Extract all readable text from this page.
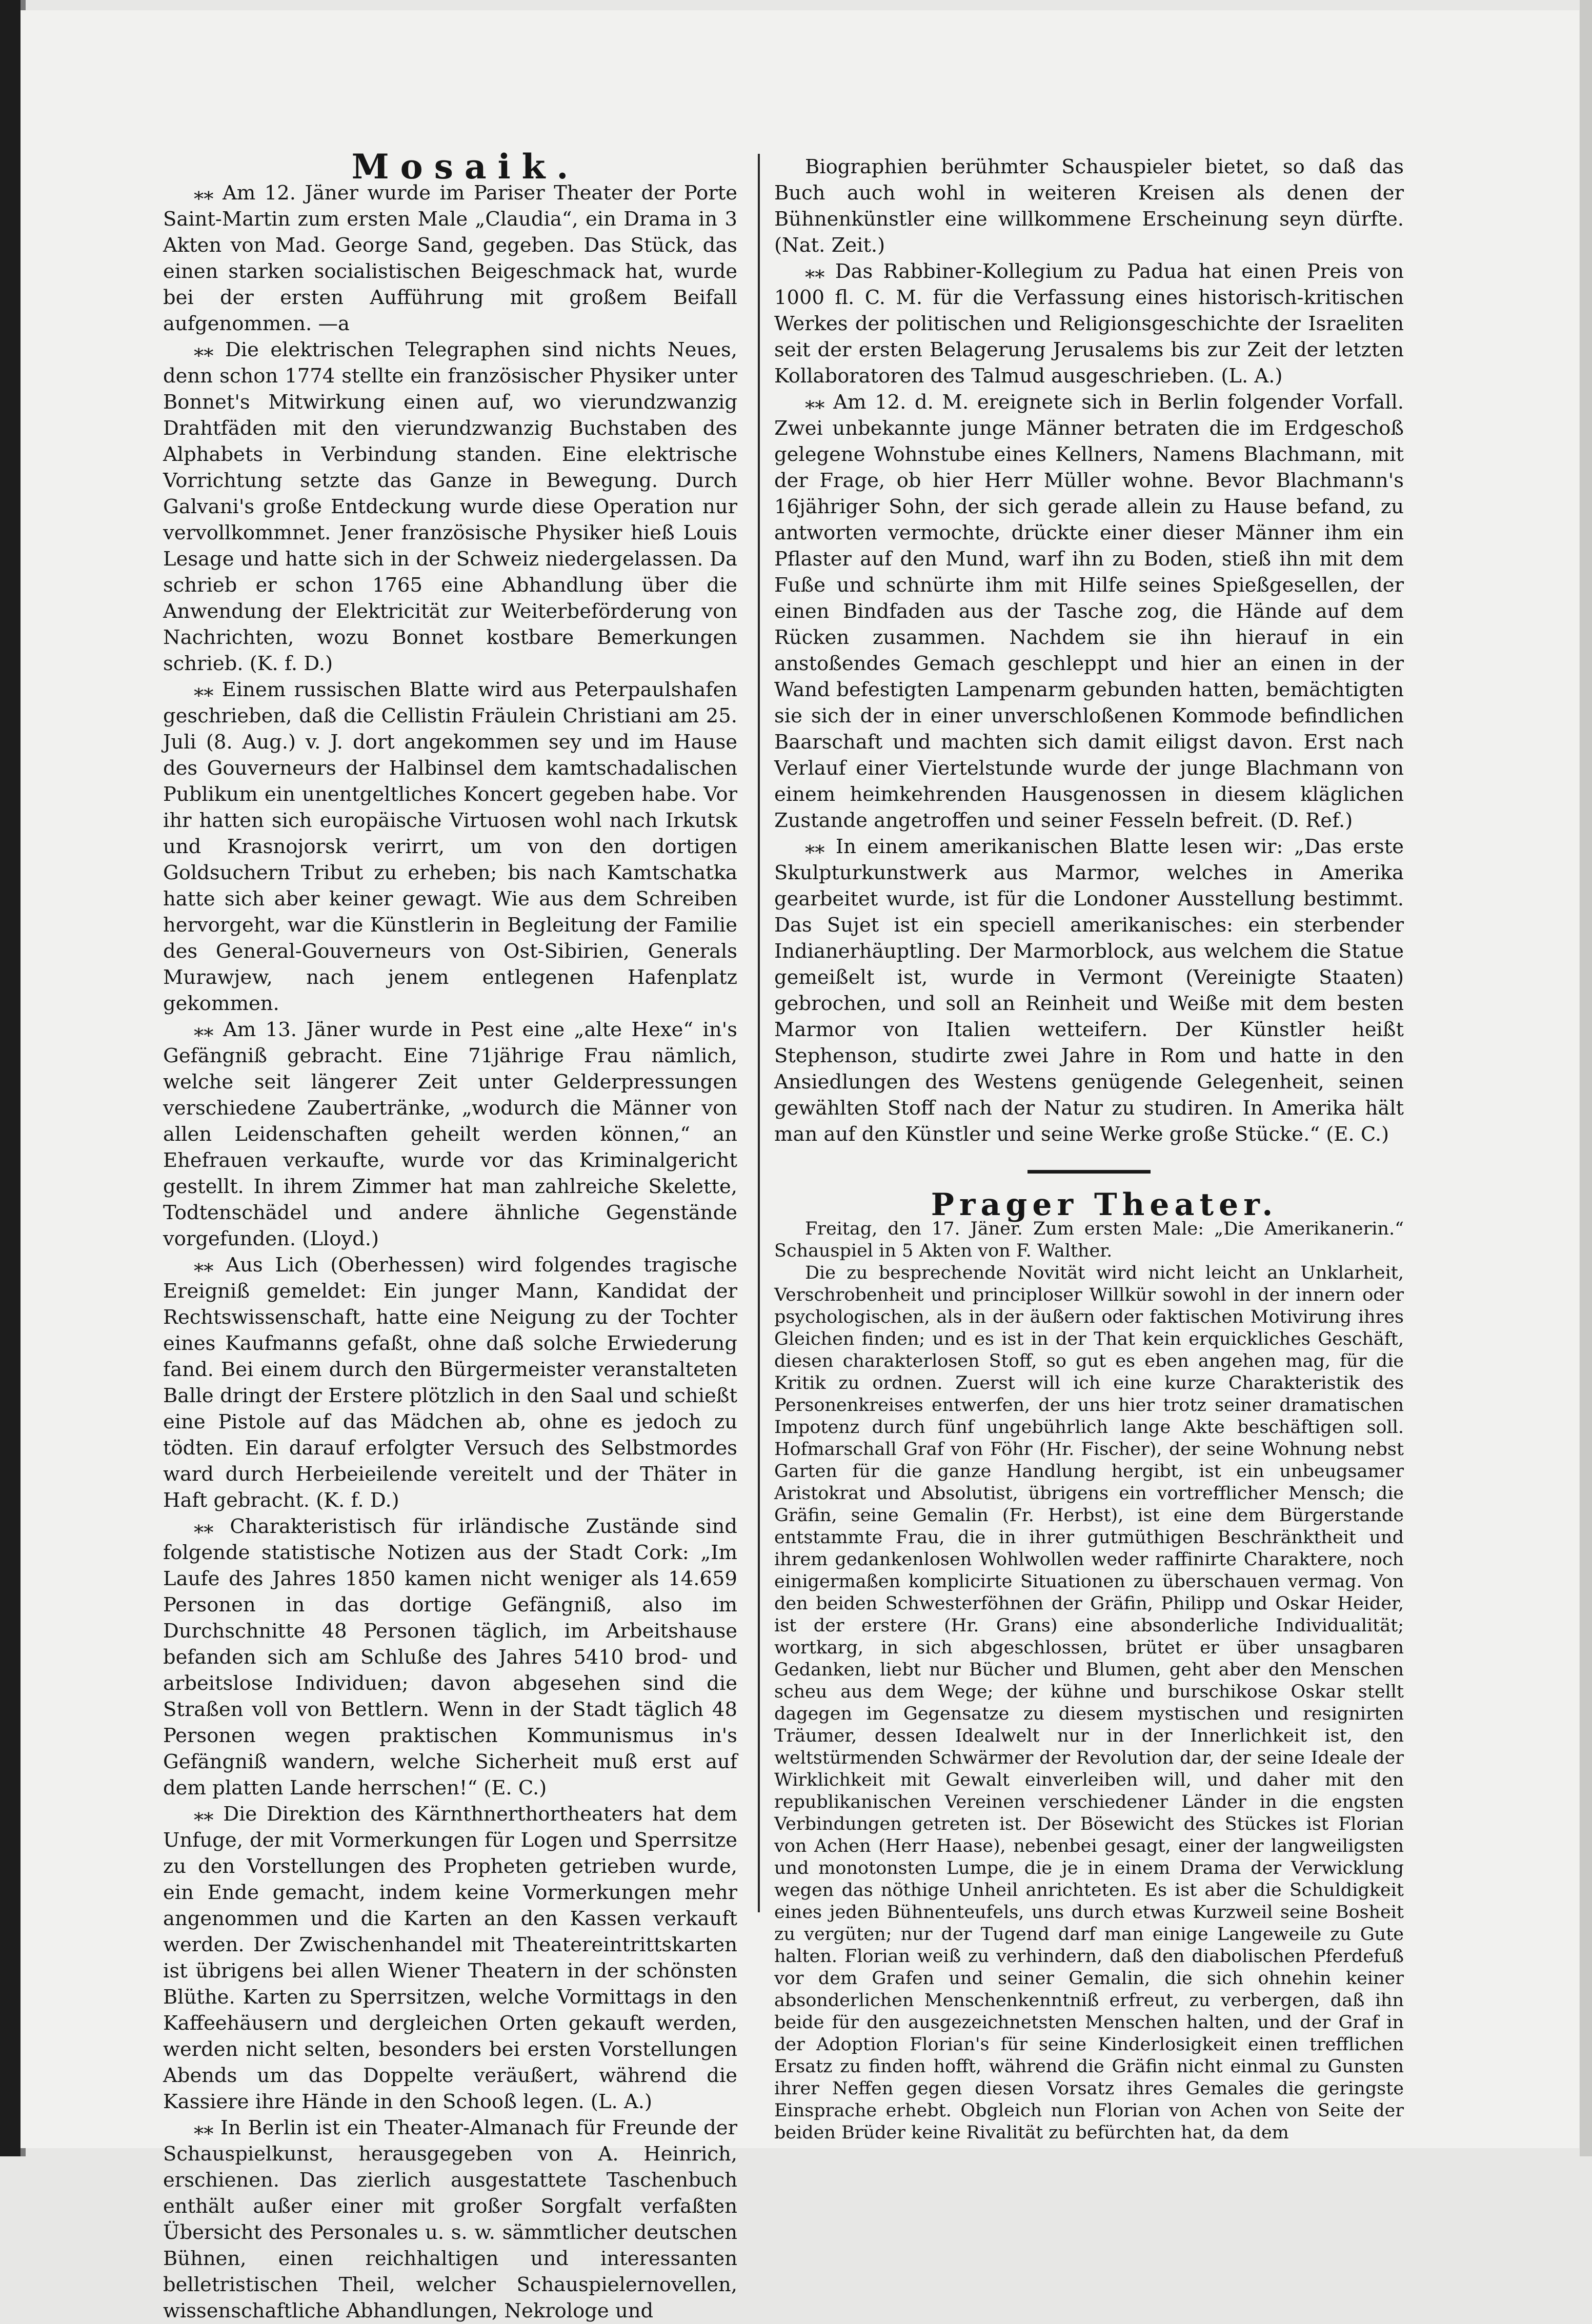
Mosaik.

⁎⁎ Am 12. Jäner wurde im Pariser Theater der Porte Saint-Martin zum ersten Male „Claudia“, ein Drama in 3 Akten von Mad. George Sand, gegeben. Das Stück, das einen starken socialistischen Beigeschmack hat, wurde bei der ersten Aufführung mit großem Beifall aufgenommen. —a

⁎⁎ Die elektrischen Telegraphen sind nichts Neues, denn schon 1774 stellte ein französischer Physiker unter Bonnet's Mitwirkung einen auf, wo vierundzwanzig Drahtfäden mit den vierundzwanzig Buchstaben des Alphabets in Verbindung standen. Eine elektrische Vorrichtung setzte das Ganze in Bewegung. Durch Galvani's große Entdeckung wurde diese Operation nur vervollkommnet. Jener französische Physiker hieß Louis Lesage und hatte sich in der Schweiz niedergelassen. Da schrieb er schon 1765 eine Abhandlung über die Anwendung der Elektricität zur Weiterbeförderung von Nachrichten, wozu Bonnet kostbare Bemerkungen schrieb. (K. f. D.)

⁎⁎ Einem russischen Blatte wird aus Peterpaulshafen geschrieben, daß die Cellistin Fräulein Christiani am 25. Juli (8. Aug.) v. J. dort angekommen sey und im Hause des Gouverneurs der Halbinsel dem kamtschadalischen Publikum ein unentgeltliches Koncert gegeben habe. Vor ihr hatten sich europäische Virtuosen wohl nach Irkutsk und Krasnojorsk verirrt, um von den dortigen Goldsuchern Tribut zu erheben; bis nach Kamtschatka hatte sich aber keiner gewagt. Wie aus dem Schreiben hervorgeht, war die Künstlerin in Begleitung der Familie des General-Gouverneurs von Ost-Sibirien, Generals Murawjew, nach jenem entlegenen Hafenplatz gekommen.

⁎⁎ Am 13. Jäner wurde in Pest eine „alte Hexe“ in's Gefängniß gebracht. Eine 71jährige Frau nämlich, welche seit längerer Zeit unter Gelderpressungen verschiedene Zaubertränke, „wodurch die Männer von allen Leidenschaften geheilt werden können,“ an Ehefrauen verkaufte, wurde vor das Kriminalgericht gestellt. In ihrem Zimmer hat man zahlreiche Skelette, Todtenschädel und andere ähnliche Gegenstände vorgefunden. (Lloyd.)

⁎⁎ Aus Lich (Oberhessen) wird folgendes tragische Ereigniß gemeldet: Ein junger Mann, Kandidat der Rechtswissenschaft, hatte eine Neigung zu der Tochter eines Kaufmanns gefaßt, ohne daß solche Erwiederung fand. Bei einem durch den Bürgermeister veranstalteten Balle dringt der Erstere plötzlich in den Saal und schießt eine Pistole auf das Mädchen ab, ohne es jedoch zu tödten. Ein darauf erfolgter Versuch des Selbstmordes ward durch Herbeieilende vereitelt und der Thäter in Haft gebracht. (K. f. D.)

⁎⁎ Charakteristisch für irländische Zustände sind folgende statistische Notizen aus der Stadt Cork: „Im Laufe des Jahres 1850 kamen nicht weniger als 14.659 Personen in das dortige Gefängniß, also im Durchschnitte 48 Personen täglich, im Arbeitshause befanden sich am Schluße des Jahres 5410 brod- und arbeitslose Individuen; davon abgesehen sind die Straßen voll von Bettlern. Wenn in der Stadt täglich 48 Personen wegen praktischen Kommunismus in's Gefängniß wandern, welche Sicherheit muß erst auf dem platten Lande herrschen!“ (E. C.)

⁎⁎ Die Direktion des Kärnthnerthortheaters hat dem Unfuge, der mit Vormerkungen für Logen und Sperrsitze zu den Vorstellungen des Propheten getrieben wurde, ein Ende gemacht, indem keine Vormerkungen mehr angenommen und die Karten an den Kassen verkauft werden. Der Zwischenhandel mit Theatereintrittskarten ist übrigens bei allen Wiener Theatern in der schönsten Blüthe. Karten zu Sperrsitzen, welche Vormittags in den Kaffeehäusern und dergleichen Orten gekauft werden, werden nicht selten, besonders bei ersten Vorstellungen Abends um das Doppelte veräußert, während die Kassiere ihre Hände in den Schooß legen. (L. A.)

⁎⁎ In Berlin ist ein Theater-Almanach für Freunde der Schauspielkunst, herausgegeben von A. Heinrich, erschienen. Das zierlich ausgestattete Taschenbuch enthält außer einer mit großer Sorgfalt verfaßten Übersicht des Personales u. s. w. sämmtlicher deutschen Bühnen, einen reichhaltigen und interessanten belletristischen Theil, welcher Schauspielernovellen, wissenschaftliche Abhandlungen, Nekrologe und

Biographien berühmter Schauspieler bietet, so daß das Buch auch wohl in weiteren Kreisen als denen der Bühnenkünstler eine willkommene Erscheinung seyn dürfte. (Nat. Zeit.)

⁎⁎ Das Rabbiner-Kollegium zu Padua hat einen Preis von 1000 fl. C. M. für die Verfassung eines historisch-kritischen Werkes der politischen und Religionsgeschichte der Israeliten seit der ersten Belagerung Jerusalems bis zur Zeit der letzten Kollaboratoren des Talmud ausgeschrieben. (L. A.)

⁎⁎ Am 12. d. M. ereignete sich in Berlin folgender Vorfall. Zwei unbekannte junge Männer betraten die im Erdgeschoß gelegene Wohnstube eines Kellners, Namens Blachmann, mit der Frage, ob hier Herr Müller wohne. Bevor Blachmann's 16jähriger Sohn, der sich gerade allein zu Hause befand, zu antworten vermochte, drückte einer dieser Männer ihm ein Pflaster auf den Mund, warf ihn zu Boden, stieß ihn mit dem Fuße und schnürte ihm mit Hilfe seines Spießgesellen, der einen Bindfaden aus der Tasche zog, die Hände auf dem Rücken zusammen. Nachdem sie ihn hierauf in ein anstoßendes Gemach geschleppt und hier an einen in der Wand befestigten Lampenarm gebunden hatten, bemächtigten sie sich der in einer unverschloßenen Kommode befindlichen Baarschaft und machten sich damit eiligst davon. Erst nach Verlauf einer Viertelstunde wurde der junge Blachmann von einem heimkehrenden Hausgenossen in diesem kläglichen Zustande angetroffen und seiner Fesseln befreit. (D. Ref.)

⁎⁎ In einem amerikanischen Blatte lesen wir: „Das erste Skulpturkunstwerk aus Marmor, welches in Amerika gearbeitet wurde, ist für die Londoner Ausstellung bestimmt. Das Sujet ist ein speciell amerikanisches: ein sterbender Indianerhäuptling. Der Marmorblock, aus welchem die Statue gemeißelt ist, wurde in Vermont (Vereinigte Staaten) gebrochen, und soll an Reinheit und Weiße mit dem besten Marmor von Italien wetteifern. Der Künstler heißt Stephenson, studirte zwei Jahre in Rom und hatte in den Ansiedlungen des Westens genügende Gelegenheit, seinen gewählten Stoff nach der Natur zu studiren. In Amerika hält man auf den Künstler und seine Werke große Stücke.“ (E. C.)

Prager Theater.

Freitag, den 17. Jäner. Zum ersten Male: „Die Amerikanerin.“ Schauspiel in 5 Akten von F. Walther.

Die zu besprechende Novität wird nicht leicht an Unklarheit, Verschrobenheit und principloser Willkür sowohl in der innern oder psychologischen, als in der äußern oder faktischen Motivirung ihres Gleichen finden; und es ist in der That kein erquickliches Geschäft, diesen charakterlosen Stoff, so gut es eben angehen mag, für die Kritik zu ordnen. Zuerst will ich eine kurze Charakteristik des Personenkreises entwerfen, der uns hier trotz seiner dramatischen Impotenz durch fünf ungebührlich lange Akte beschäftigen soll. Hofmarschall Graf von Föhr (Hr. Fischer), der seine Wohnung nebst Garten für die ganze Handlung hergibt, ist ein unbeugsamer Aristokrat und Absolutist, übrigens ein vortrefflicher Mensch; die Gräfin, seine Gemalin (Fr. Herbst), ist eine dem Bürgerstande entstammte Frau, die in ihrer gutmüthigen Beschränktheit und ihrem gedankenlosen Wohlwollen weder raffinirte Charaktere, noch einigermaßen komplicirte Situationen zu überschauen vermag. Von den beiden Schwesterföhnen der Gräfin, Philipp und Oskar Heider, ist der erstere (Hr. Grans) eine absonderliche Individualität; wortkarg, in sich abgeschlossen, brütet er über unsagbaren Gedanken, liebt nur Bücher und Blumen, geht aber den Menschen scheu aus dem Wege; der kühne und burschikose Oskar stellt dagegen im Gegensatze zu diesem mystischen und resignirten Träumer, dessen Idealwelt nur in der Innerlichkeit ist, den weltstürmenden Schwärmer der Revolution dar, der seine Ideale der Wirklichkeit mit Gewalt einverleiben will, und daher mit den republikanischen Vereinen verschiedener Länder in die engsten Verbindungen getreten ist. Der Bösewicht des Stückes ist Florian von Achen (Herr Haase), nebenbei gesagt, einer der langweiligsten und monotonsten Lumpe, die je in einem Drama der Verwicklung wegen das nöthige Unheil anrichteten. Es ist aber die Schuldigkeit eines jeden Bühnenteufels, uns durch etwas Kurzweil seine Bosheit zu vergüten; nur der Tugend darf man einige Langeweile zu Gute halten. Florian weiß zu verhindern, daß den diabolischen Pferdefuß vor dem Grafen und seiner Gemalin, die sich ohnehin keiner absonderlichen Menschenkenntniß erfreut, zu verbergen, daß ihn beide für den ausgezeichnetsten Menschen halten, und der Graf in der Adoption Florian's für seine Kinderlosigkeit einen trefflichen Ersatz zu finden hofft, während die Gräfin nicht einmal zu Gunsten ihrer Neffen gegen diesen Vorsatz ihres Gemales die geringste Einsprache erhebt. Obgleich nun Florian von Achen von Seite der beiden Brüder keine Rivalität zu befürchten hat, da dem
